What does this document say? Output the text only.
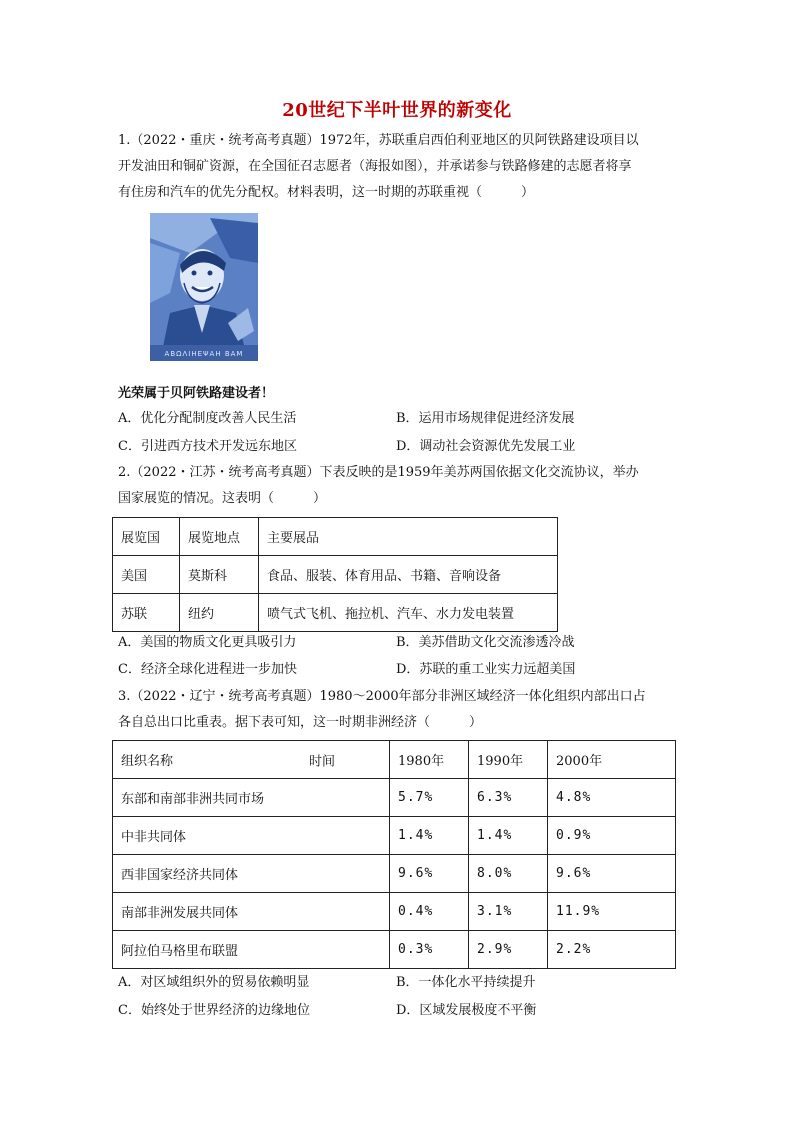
20世纪下半叶世界的新变化
1.（2022・重庆・统考高考真题）1972年，苏联重启西伯利亚地区的贝阿铁路建设项目以
开发油田和铜矿资源，在全国征召志愿者（海报如图），并承诺参与铁路修建的志愿者将享
有住房和汽车的优先分配权。材料表明，这一时期的苏联重视（　　　）
ΑΒΩΛΙΗΕΨΑΗ ΒΑΜ
光荣属于贝阿铁路建设者！
A．优化分配制度改善人民生活	B．运用市场规律促进经济发展
C．引进西方技术开发远东地区	D．调动社会资源优先发展工业
2.（2022・江苏・统考高考真题）下表反映的是1959年美苏两国依据文化交流协议，举办
国家展览的情况。这表明（　　　）
展览国	展览地点	主要展品
美国	莫斯科	食品、服装、体育用品、书籍、音响设备
苏联	纽约	喷气式飞机、拖拉机、汽车、水力发电装置
A．美国的物质文化更具吸引力	B．美苏借助文化交流渗透冷战
C．经济全球化进程进一步加快	D．苏联的重工业实力远超美国
3.（2022・辽宁・统考高考真题）1980～2000年部分非洲区域经济一体化组织内部出口占
各自总出口比重表。据下表可知，这一时期非洲经济（　　　）
组织名称 时间	1980年	1990年	2000年
东部和南部非洲共同市场	5.7%	6.3%	4.8%
中非共同体	1.4%	1.4%	0.9%
西非国家经济共同体	9.6%	8.0%	9.6%
南部非洲发展共同体	0.4%	3.1%	11.9%
阿拉伯马格里布联盟	0.3%	2.9%	2.2%
A．对区域组织外的贸易依赖明显	B．一体化水平持续提升
C．始终处于世界经济的边缘地位	D．区域发展极度不平衡
